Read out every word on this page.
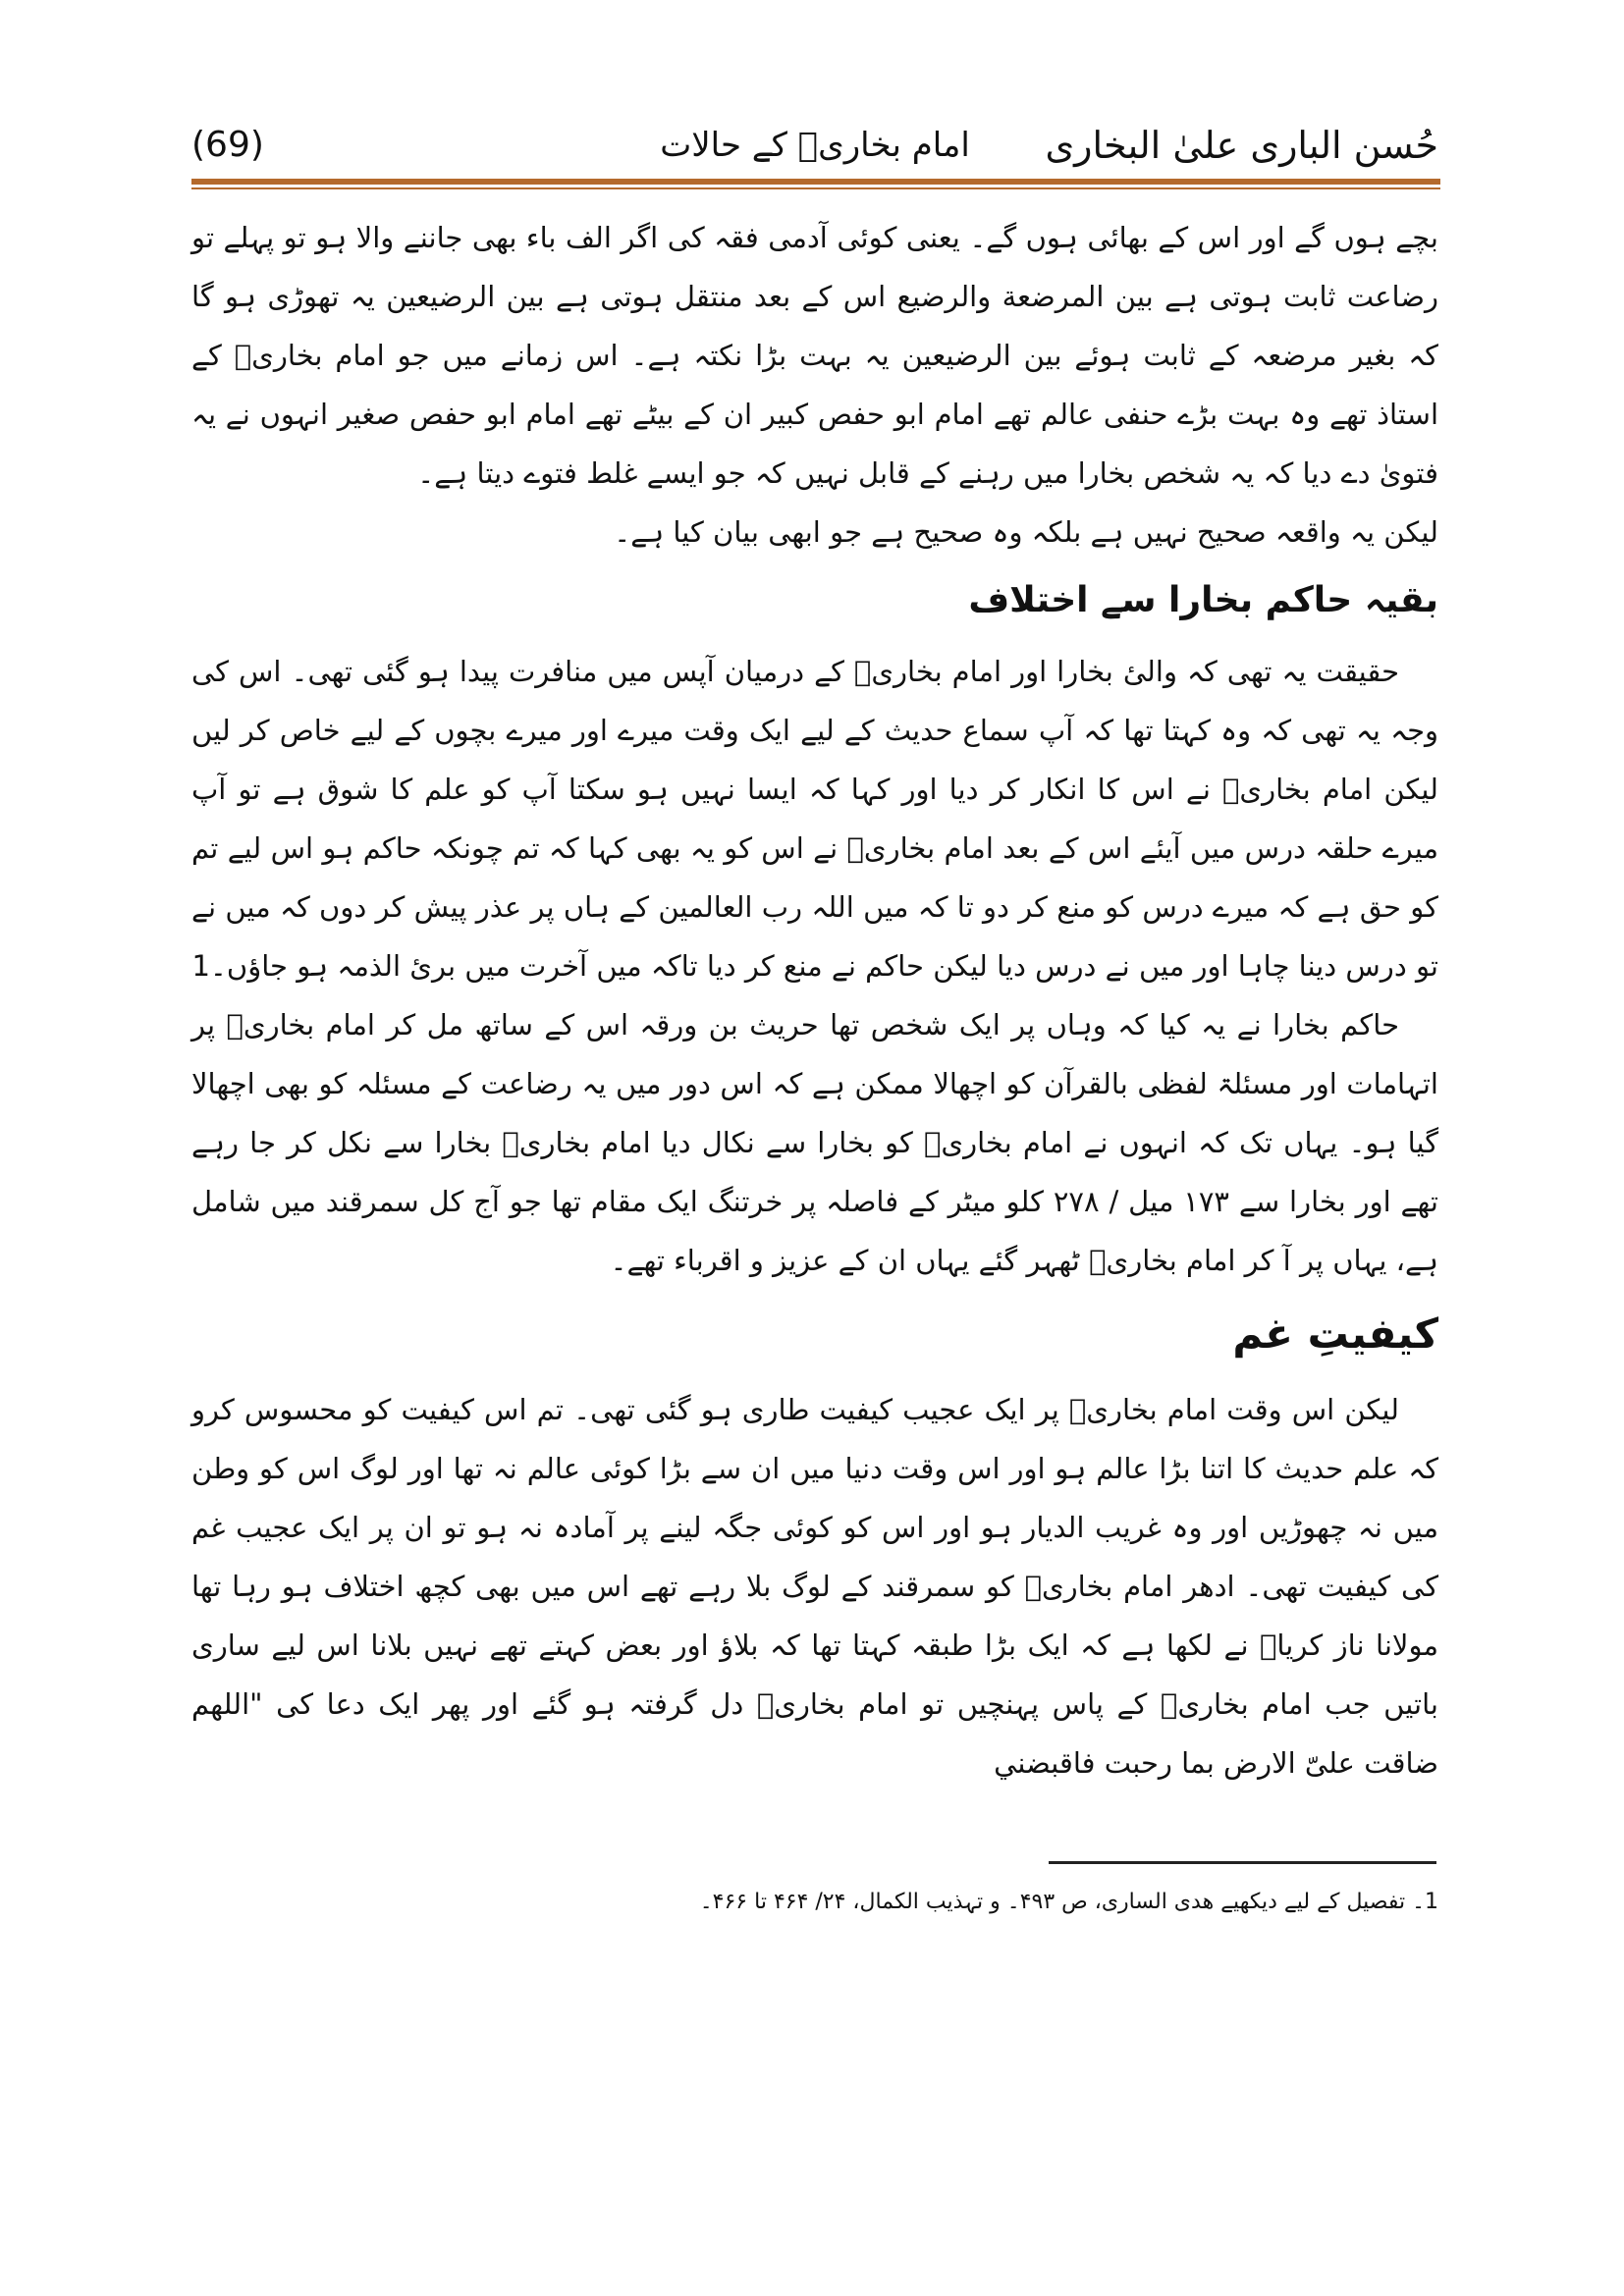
(69)	امام بخاریؒ کے حالات	حُسن الباری علیٰ البخاری

بچے ہوں گے اور اس کے بھائی ہوں گے۔ یعنی کوئی آدمی فقہ کی اگر الف باء بھی جاننے والا ہو تو پہلے تو رضاعت ثابت ہوتی ہے بین المرضعة والرضیع اس کے بعد منتقل ہوتی ہے بین الرضیعین یہ تھوڑی ہو گا کہ بغیر مرضعہ کے ثابت ہوئے بین الرضیعین یہ بہت بڑا نکتہ ہے۔ اس زمانے میں جو امام بخاریؒ کے استاذ تھے وہ بہت بڑے حنفی عالم تھے امام ابو حفص کبیر ان کے بیٹے تھے امام ابو حفص صغیر انہوں نے یہ فتویٰ دے دیا کہ یہ شخص بخارا میں رہنے کے قابل نہیں کہ جو ایسے غلط فتوے دیتا ہے۔

لیکن یہ واقعہ صحیح نہیں ہے بلکہ وہ صحیح ہے جو ابھی بیان کیا ہے۔

بقیہ حاکم بخارا سے اختلاف

حقیقت یہ تھی کہ والیٔ بخارا اور امام بخاریؒ کے درمیان آپس میں منافرت پیدا ہو گئی تھی۔ اس کی وجہ یہ تھی کہ وہ کہتا تھا کہ آپ سماع حدیث کے لیے ایک وقت میرے اور میرے بچوں کے لیے خاص کر لیں لیکن امام بخاریؒ نے اس کا انکار کر دیا اور کہا کہ ایسا نہیں ہو سکتا آپ کو علم کا شوق ہے تو آپ میرے حلقہ درس میں آیئے اس کے بعد امام بخاریؒ نے اس کو یہ بھی کہا کہ تم چونکہ حاکم ہو اس لیے تم کو حق ہے کہ میرے درس کو منع کر دو تا کہ میں اللہ رب العالمین کے ہاں پر عذر پیش کر دوں کہ میں نے تو درس دینا چاہا اور میں نے درس دیا لیکن حاکم نے منع کر دیا تاکہ میں آخرت میں بریٔ الذمہ ہو جاؤں۔1

حاکم بخارا نے یہ کیا کہ وہاں پر ایک شخص تھا حریث بن ورقہ اس کے ساتھ مل کر امام بخاریؒ پر اتہامات اور مسئلۃ لفظی بالقرآن کو اچھالا ممکن ہے کہ اس دور میں یہ رضاعت کے مسئلہ کو بھی اچھالا گیا ہو۔ یہاں تک کہ انہوں نے امام بخاریؒ کو بخارا سے نکال دیا امام بخاریؒ بخارا سے نکل کر جا رہے تھے اور بخارا سے ۱۷۳ میل / ۲۷۸ کلو میٹر کے فاصلہ پر خرتنگ ایک مقام تھا جو آج کل سمرقند میں شامل ہے، یہاں پر آ کر امام بخاریؒ ٹھہر گئے یہاں ان کے عزیز و اقرباء تھے۔

کیفیتِ غم

لیکن اس وقت امام بخاریؒ پر ایک عجیب کیفیت طاری ہو گئی تھی۔ تم اس کیفیت کو محسوس کرو کہ علم حدیث کا اتنا بڑا عالم ہو اور اس وقت دنیا میں ان سے بڑا کوئی عالم نہ تھا اور لوگ اس کو وطن میں نہ چھوڑیں اور وہ غریب الدیار ہو اور اس کو کوئی جگہ لینے پر آمادہ نہ ہو تو ان پر ایک عجیب غم کی کیفیت تھی۔ ادھر امام بخاریؒ کو سمرقند کے لوگ بلا رہے تھے اس میں بھی کچھ اختلاف ہو رہا تھا مولانا ناز کریاؒ نے لکھا ہے کہ ایک بڑا طبقہ کہتا تھا کہ بلاؤ اور بعض کہتے تھے نہیں بلانا اس لیے ساری باتیں جب امام بخاریؒ کے پاس پہنچیں تو امام بخاریؒ دل گرفتہ ہو گئے اور پھر ایک دعا کی "اللهم ضاقت علىّ الارض بما رحبت فاقبضني

1۔ تفصیل کے لیے دیکھیے ھدی الساری، ص ۴۹۳۔ و تہذیب الکمال، ۲۴/ ۴۶۴ تا ۴۶۶۔
